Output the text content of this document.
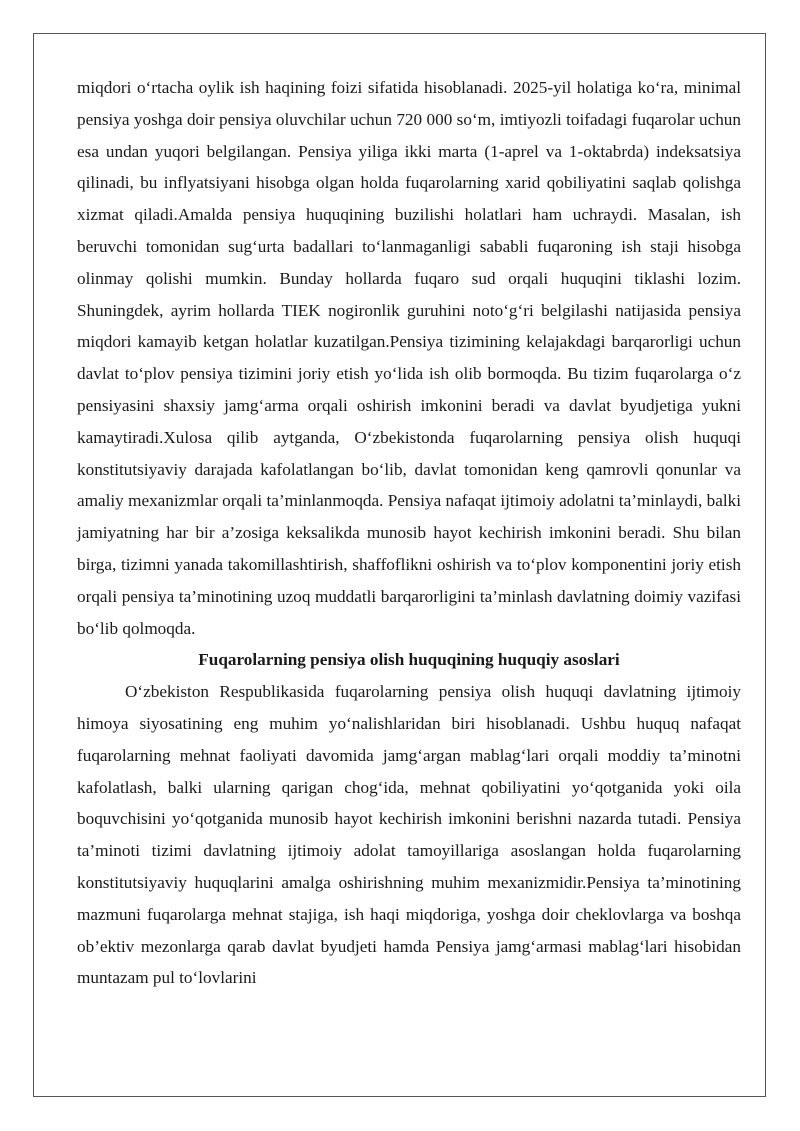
miqdori o‘rtacha oylik ish haqining foizi sifatida hisoblanadi. 2025-yil holatiga ko‘ra, minimal pensiya yoshga doir pensiya oluvchilar uchun 720 000 so‘m, imtiyozli toifadagi fuqarolar uchun esa undan yuqori belgilangan. Pensiya yiliga ikki marta (1-aprel va 1-oktabrda) indeksatsiya qilinadi, bu inflyatsiyani hisobga olgan holda fuqarolarning xarid qobiliyatini saqlab qolishga xizmat qiladi.Amalda pensiya huquqining buzilishi holatlari ham uchraydi. Masalan, ish beruvchi tomonidan sug‘urta badallari to‘lanmaganligi sababli fuqaroning ish staji hisobga olinmay qolishi mumkin. Bunday hollarda fuqaro sud orqali huquqini tiklashi lozim. Shuningdek, ayrim hollarda TIEK nogironlik guruhini noto‘g‘ri belgilashi natijasida pensiya miqdori kamayib ketgan holatlar kuzatilgan.Pensiya tizimining kelajakdagi barqarorligi uchun davlat to‘plov pensiya tizimini joriy etish yo‘lida ish olib bormoqda. Bu tizim fuqarolarga o‘z pensiyasini shaxsiy jamg‘arma orqali oshirish imkonini beradi va davlat byudjetiga yukni kamaytiradi.Xulosa qilib aytganda, O‘zbekistonda fuqarolarning pensiya olish huquqi konstitutsiyaviy darajada kafolatlangan bo‘lib, davlat tomonidan keng qamrovli qonunlar va amaliy mexanizmlar orqali ta’minlanmoqda. Pensiya nafaqat ijtimoiy adolatni ta’minlaydi, balki jamiyatning har bir a’zosiga keksalikda munosib hayot kechirish imkonini beradi. Shu bilan birga, tizimni yanada takomillashtirish, shaffoflikni oshirish va to‘plov komponentini joriy etish orqali pensiya ta’minotining uzoq muddatli barqarorligini ta’minlash davlatning doimiy vazifasi bo‘lib qolmoqda.

Fuqarolarning pensiya olish huquqining huquqiy asoslari

O‘zbekiston Respublikasida fuqarolarning pensiya olish huquqi davlatning ijtimoiy himoya siyosatining eng muhim yo‘nalishlaridan biri hisoblanadi. Ushbu huquq nafaqat fuqarolarning mehnat faoliyati davomida jamg‘argan mablag‘lari orqali moddiy ta’minotni kafolatlash, balki ularning qarigan chog‘ida, mehnat qobiliyatini yo‘qotganida yoki oila boquvchisini yo‘qotganida munosib hayot kechirish imkonini berishni nazarda tutadi. Pensiya ta’minoti tizimi davlatning ijtimoiy adolat tamoyillariga asoslangan holda fuqarolarning konstitutsiyaviy huquqlarini amalga oshirishning muhim mexanizmidir.Pensiya ta’minotining mazmuni fuqarolarga mehnat stajiga, ish haqi miqdoriga, yoshga doir cheklovlarga va boshqa ob’ektiv mezonlarga qarab davlat byudjeti hamda Pensiya jamg‘armasi mablag‘lari hisobidan muntazam pul to‘lovlarini
